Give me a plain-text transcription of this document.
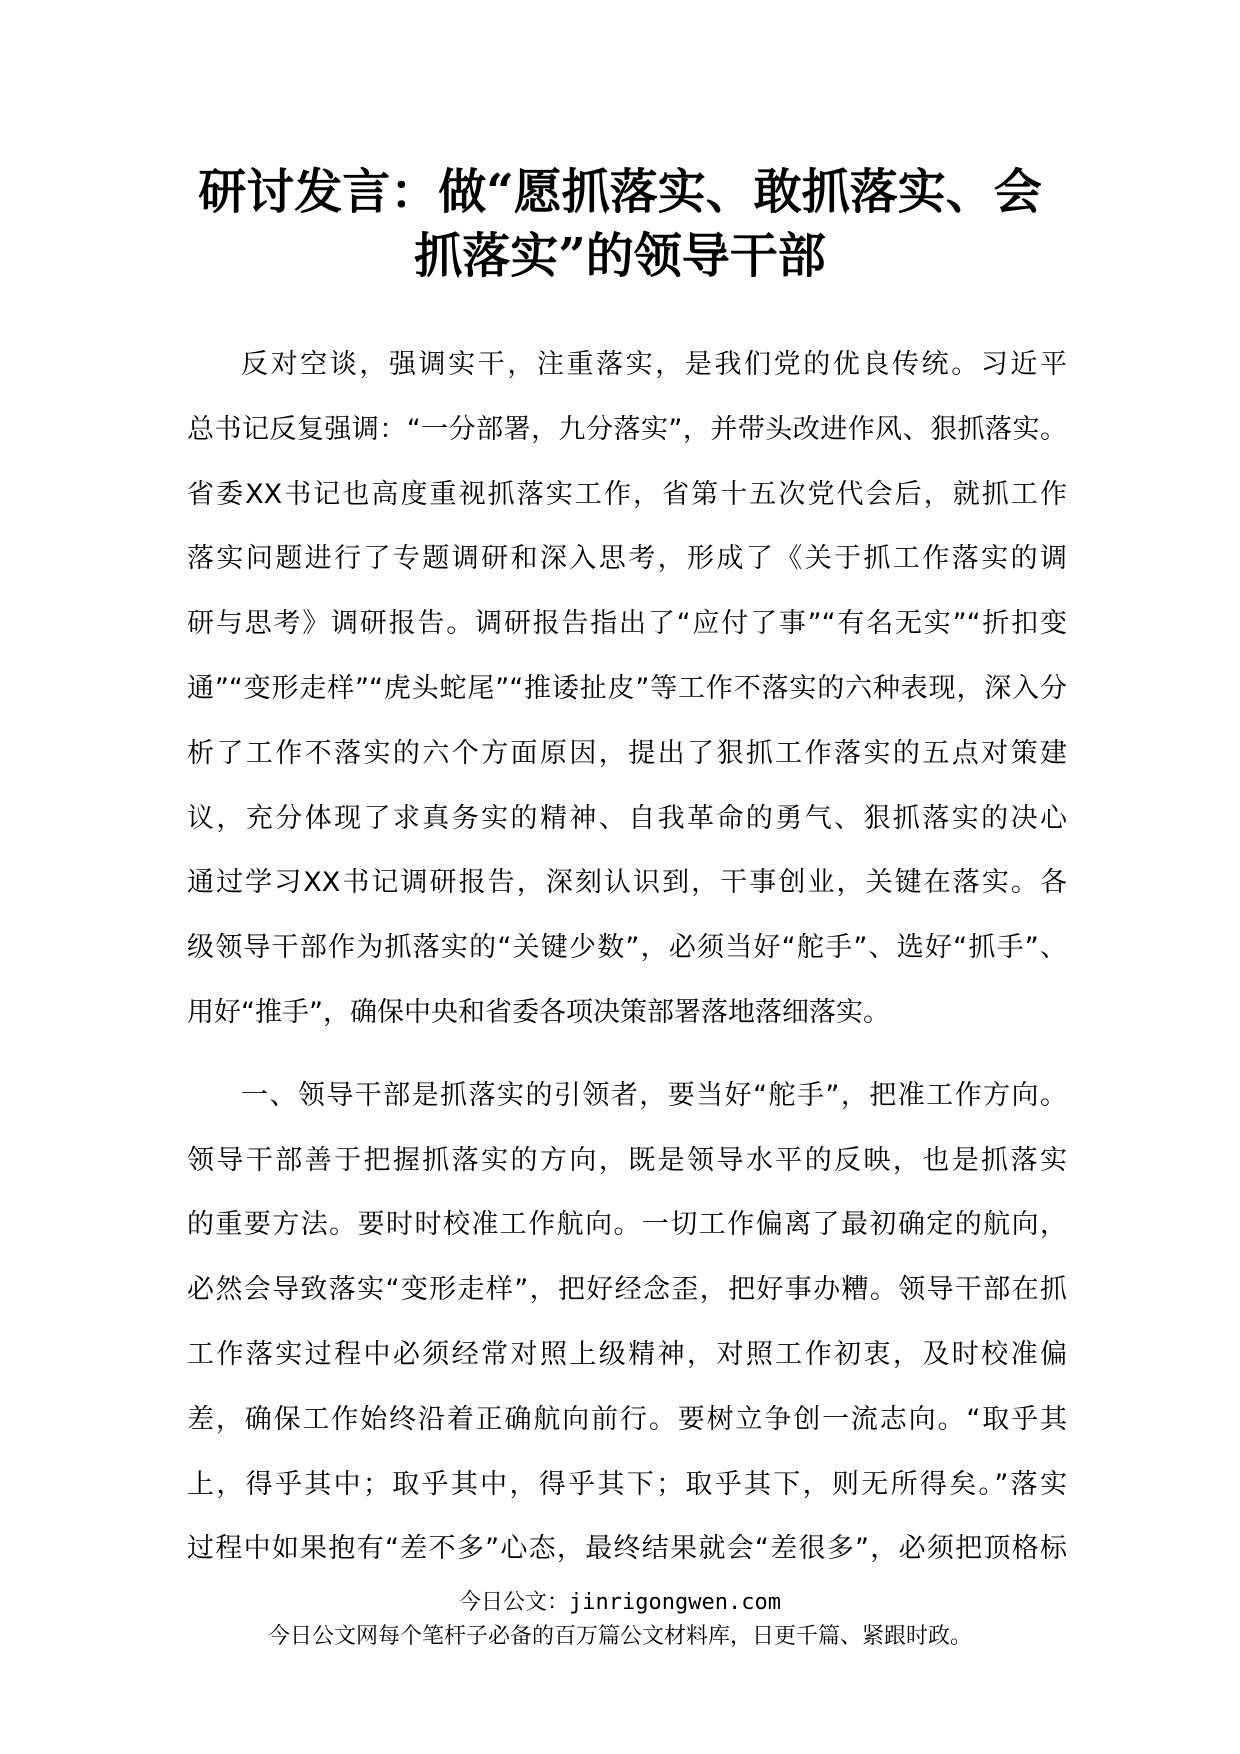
研讨发言：做“愿抓落实、敢抓落实、会
抓落实”的领导干部

反对空谈，强调实干，注重落实，是我们党的优良传统。习近平
总书记反复强调：“一分部署，九分落实”，并带头改进作风、狠抓落实。
省委XX书记也高度重视抓落实工作，省第十五次党代会后，就抓工作
落实问题进行了专题调研和深入思考，形成了《关于抓工作落实的调
研与思考》调研报告。调研报告指出了“应付了事”“有名无实”“折扣变
通”“变形走样”“虎头蛇尾”“推诿扯皮”等工作不落实的六种表现，深入分
析了工作不落实的六个方面原因，提出了狠抓工作落实的五点对策建
议，充分体现了求真务实的精神、自我革命的勇气、狠抓落实的决心
通过学习XX书记调研报告，深刻认识到，干事创业，关键在落实。各
级领导干部作为抓落实的“关键少数”，必须当好“舵手”、选好“抓手”、
用好“推手”，确保中央和省委各项决策部署落地落细落实。

一、领导干部是抓落实的引领者，要当好“舵手”，把准工作方向。
领导干部善于把握抓落实的方向，既是领导水平的反映，也是抓落实
的重要方法。要时时校准工作航向。一切工作偏离了最初确定的航向，
必然会导致落实“变形走样”，把好经念歪，把好事办糟。领导干部在抓
工作落实过程中必须经常对照上级精神，对照工作初衷，及时校准偏
差，确保工作始终沿着正确航向前行。要树立争创一流志向。“取乎其
上，得乎其中；取乎其中，得乎其下；取乎其下，则无所得矣。”落实
过程中如果抱有“差不多”心态，最终结果就会“差很多”，必须把顶格标

今日公文：jinrigongwen.com
今日公文网每个笔杆子必备的百万篇公文材料库，日更千篇、紧跟时政。
